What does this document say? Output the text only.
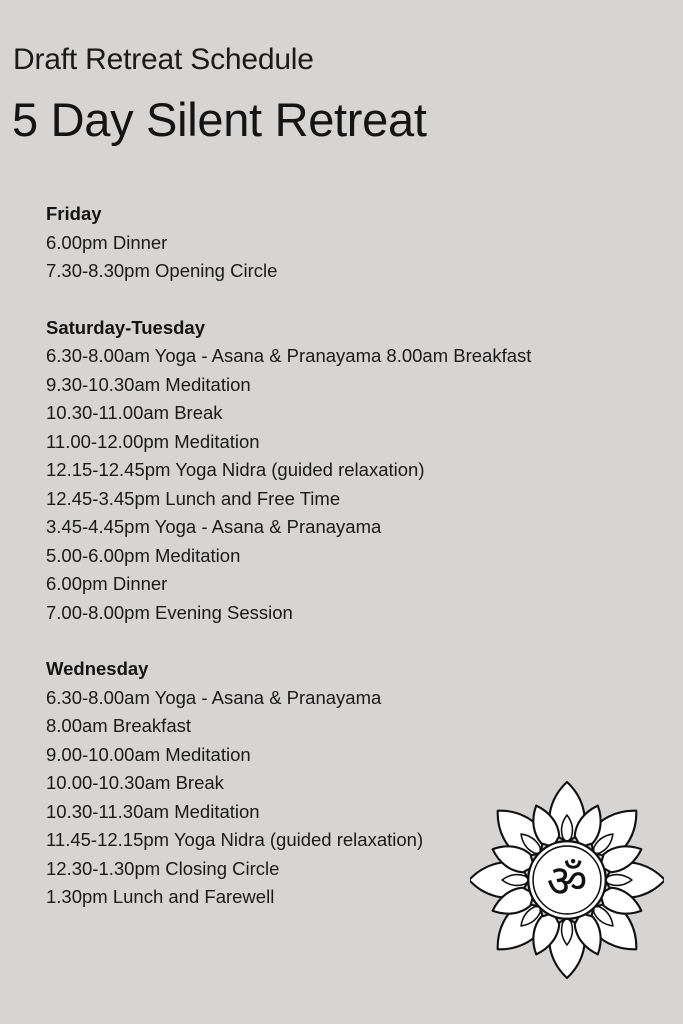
Draft Retreat Schedule
5 Day Silent Retreat
Friday
6.00pm Dinner
7.30-8.30pm Opening Circle
Saturday-Tuesday
6.30-8.00am Yoga - Asana & Pranayama 8.00am Breakfast
9.30-10.30am Meditation
10.30-11.00am Break
11.00-12.00pm Meditation
12.15-12.45pm Yoga Nidra (guided relaxation)
12.45-3.45pm Lunch and Free Time
3.45-4.45pm Yoga - Asana & Pranayama
5.00-6.00pm Meditation
6.00pm Dinner
7.00-8.00pm Evening Session
Wednesday
6.30-8.00am Yoga - Asana & Pranayama
8.00am Breakfast
9.00-10.00am Meditation
10.00-10.30am Break
10.30-11.30am Meditation
11.45-12.15pm Yoga Nidra (guided relaxation)
12.30-1.30pm Closing Circle
1.30pm Lunch and Farewell	ॐ
